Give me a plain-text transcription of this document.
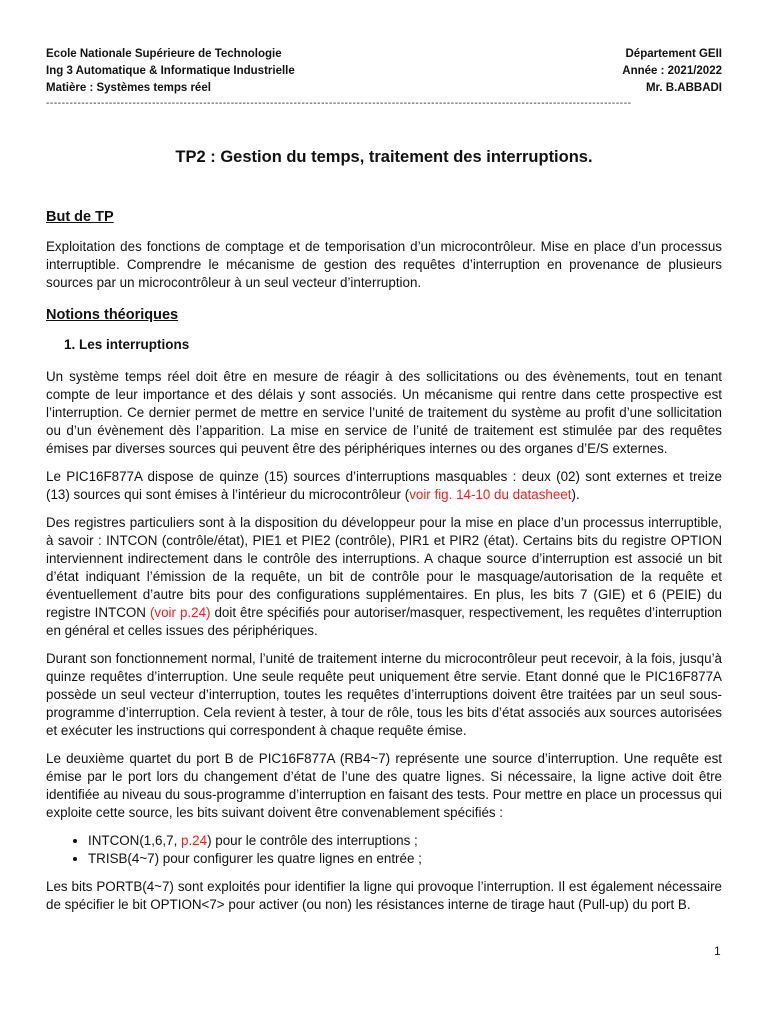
Ecole Nationale Supérieure de Technologie
Ing 3 Automatique & Informatique Industrielle
Matière : Systèmes temps réel
Département GEII
Année : 2021/2022
Mr. B.ABBADI
-----------------------------------------------------------------------------------------------------------------------------------------------------
TP2 : Gestion du temps, traitement des interruptions.
But de TP

Exploitation des fonctions de comptage et de temporisation d’un microcontrôleur. Mise en place d’un processus interruptible. Comprendre le mécanisme de gestion des requêtes d’interruption en provenance de plusieurs sources par un microcontrôleur à un seul vecteur d’interruption.

Notions théoriques
1. Les interruptions

Un système temps réel doit être en mesure de réagir à des sollicitations ou des évènements, tout en tenant compte de leur importance et des délais y sont associés. Un mécanisme qui rentre dans cette prospective est l’interruption. Ce dernier permet de mettre en service l’unité de traitement du système au profit d’une sollicitation ou d’un évènement dès l’apparition. La mise en service de l’unité de traitement est stimulée par des requêtes émises par diverses sources qui peuvent être des périphériques internes ou des organes d’E/S externes.

Le PIC16F877A dispose de quinze (15) sources d’interruptions masquables : deux (02) sont externes et treize (13) sources qui sont émises à l’intérieur du microcontrôleur (voir fig. 14-10 du datasheet).

Des registres particuliers sont à la disposition du développeur pour la mise en place d’un processus interruptible, à savoir : INTCON (contrôle/état), PIE1 et PIE2 (contrôle), PIR1 et PIR2 (état). Certains bits du registre OPTION interviennent indirectement dans le contrôle des interruptions. A chaque source d’interruption est associé un bit d’état indiquant l’émission de la requête, un bit de contrôle pour le masquage/autorisation de la requête et éventuellement d’autre bits pour des configurations supplémentaires. En plus, les bits 7 (GIE) et 6 (PEIE) du registre INTCON (voir p.24) doit être spécifiés pour autoriser/masquer, respectivement, les requêtes d’interruption en général et celles issues des périphériques.

Durant son fonctionnement normal, l’unité de traitement interne du microcontrôleur peut recevoir, à la fois, jusqu’à quinze requêtes d’interruption. Une seule requête peut uniquement être servie. Etant donné que le PIC16F877A possède un seul vecteur d’interruption, toutes les requêtes d’interruptions doivent être traitées par un seul sous-programme d’interruption. Cela revient à tester, à tour de rôle, tous les bits d’état associés aux sources autorisées et exécuter les instructions qui correspondent à chaque requête émise.

Le deuxième quartet du port B de PIC16F877A (RB4~7) représente une source d’interruption. Une requête est émise par le port lors du changement d’état de l’une des quatre lignes. Si nécessaire, la ligne active doit être identifiée au niveau du sous-programme d’interruption en faisant des tests. Pour mettre en place un processus qui exploite cette source, les bits suivant doivent être convenablement spécifiés :

• INTCON(1,6,7, p.24) pour le contrôle des interruptions ;
• TRISB(4~7) pour configurer les quatre lignes en entrée ;

Les bits PORTB(4~7) sont exploités pour identifier la ligne qui provoque l’interruption. Il est également nécessaire de spécifier le bit OPTION<7> pour activer (ou non) les résistances interne de tirage haut (Pull-up) du port B.

1
